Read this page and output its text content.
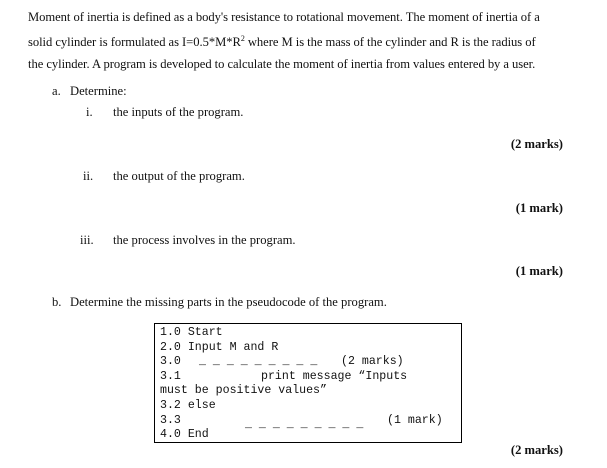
Moment of inertia is defined as a body's resistance to rotational movement. The moment of inertia of a

solid cylinder is formulated as $I=0.5*M*R^2$ where M is the mass of the cylinder and R is the radius of

the cylinder. A program is developed to calculate the moment of inertia from values entered by a user.

a. Determine:
i. the inputs of the program.
(2 marks)
ii. the output of the program.
(1 mark)
iii. the process involves in the program.
(1 mark)
b. Determine the missing parts in the pseudocode of the program.
1.0 Start
2.0 Input M and R
3.0 _ _ _ _ _ _ _ _ _ (2 marks)
3.1	print message “Inputs
must be positive values”
3.2 else
3.3	_ _ _ _ _ _ _ _ _ (1 mark)
4.0 End
(2 marks)
